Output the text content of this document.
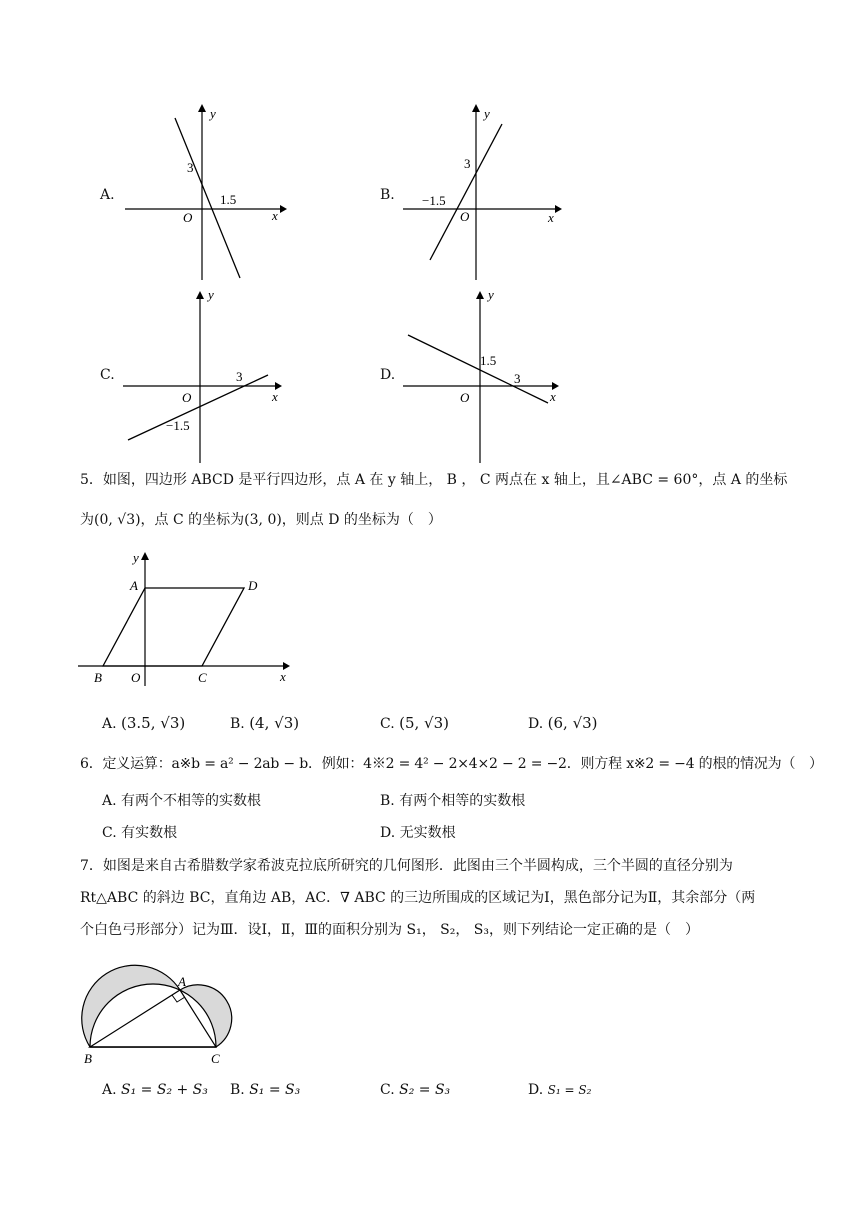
A.
y
x
O
3
1.5	B.
y
x
O
3
−1.5
C.
y
x
O
3
−1.5
D.
y
x
O
1.5
3
5．如图，四边形 ABCD 是平行四边形，点 A 在 y 轴上， B ， C 两点在 x 轴上，且∠ABC = 60°，点 A 的坐标
为(0, √3)，点 C 的坐标为(3, 0)，则点 D 的坐标为（　）
y
x
A	D
B O	C
A. (3.5, √3)	B. (4, √3)	C. (5, √3)	D. (6, √3)
6．定义运算：a※b = a² − 2ab − b．例如：4※2 = 4² − 2×4×2 − 2 = −2．则方程 x※2 = −4 的根的情况为（　）
A. 有两个不相等的实数根	B. 有两个相等的实数根
C. 有实数根	D. 无实数根
7．如图是来自古希腊数学家希波克拉底所研究的几何图形．此图由三个半圆构成，三个半圆的直径分别为
Rt△ABC 的斜边 BC，直角边 AB，AC．∇ ABC 的三边所围成的区域记为Ⅰ，黑色部分记为Ⅱ，其余部分（两
个白色弓形部分）记为Ⅲ．设Ⅰ，Ⅱ，Ⅲ的面积分别为 S₁， S₂， S₃，则下列结论一定正确的是（　）
A
B	C
A. S₁ = S₂ + S₃ B. S₁ = S₃	C. S₂ = S₃	D. S₁ = S₂
